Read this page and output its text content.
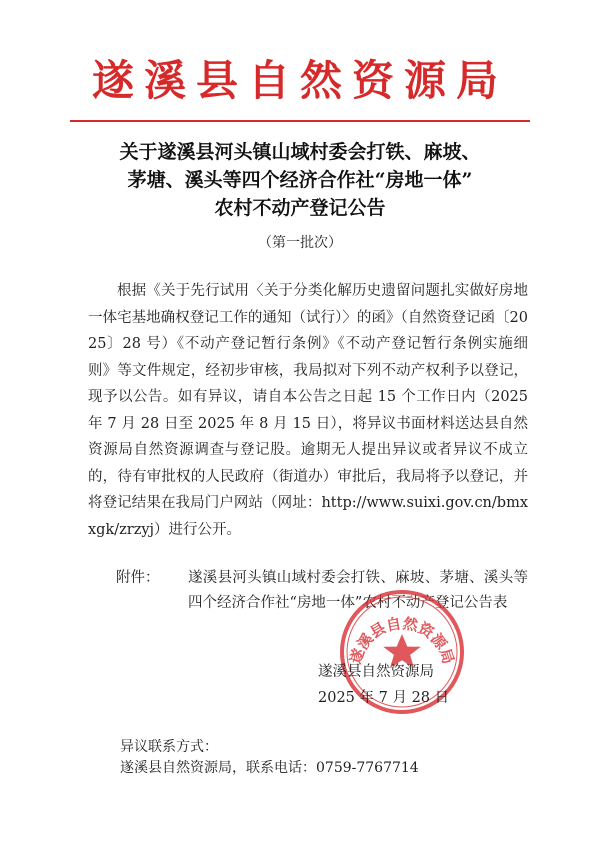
遂溪县自然资源局
关于遂溪县河头镇山域村委会打铁、麻坡、
茅塘、溪头等四个经济合作社“房地一体”
农村不动产登记公告
（第一批次）
根据《关于先行试用〈关于分类化解历史遗留问题扎实做好房地一体宅基地确权登记工作的通知（试行）〉的函》（自然资登记函〔2025〕28 号）《不动产登记暂行条例》《不动产登记暂行条例实施细则》等文件规定，经初步审核，我局拟对下列不动产权利予以登记，现予以公告。如有异议，请自本公告之日起 15 个工作日内（2025 年 7 月 28 日至 2025 年 8 月 15 日），将异议书面材料送达县自然资源局自然资源调查与登记股。逾期无人提出异议或者异议不成立的，待有审批权的人民政府（街道办）审批后，我局将予以登记，并将登记结果在我局门户网站（网址：http://www.suixi.gov.cn/bmxxgk/zrzyj）进行公开。
附件： 遂溪县河头镇山域村委会打铁、麻坡、茅塘、溪头等四个经济合作社“房地一体”农村不动产登记公告表
遂溪县自然资源局
遂溪县自然资源局
2025 年 7 月 28 日
异议联系方式：
遂溪县自然资源局，联系电话：0759-7767714
